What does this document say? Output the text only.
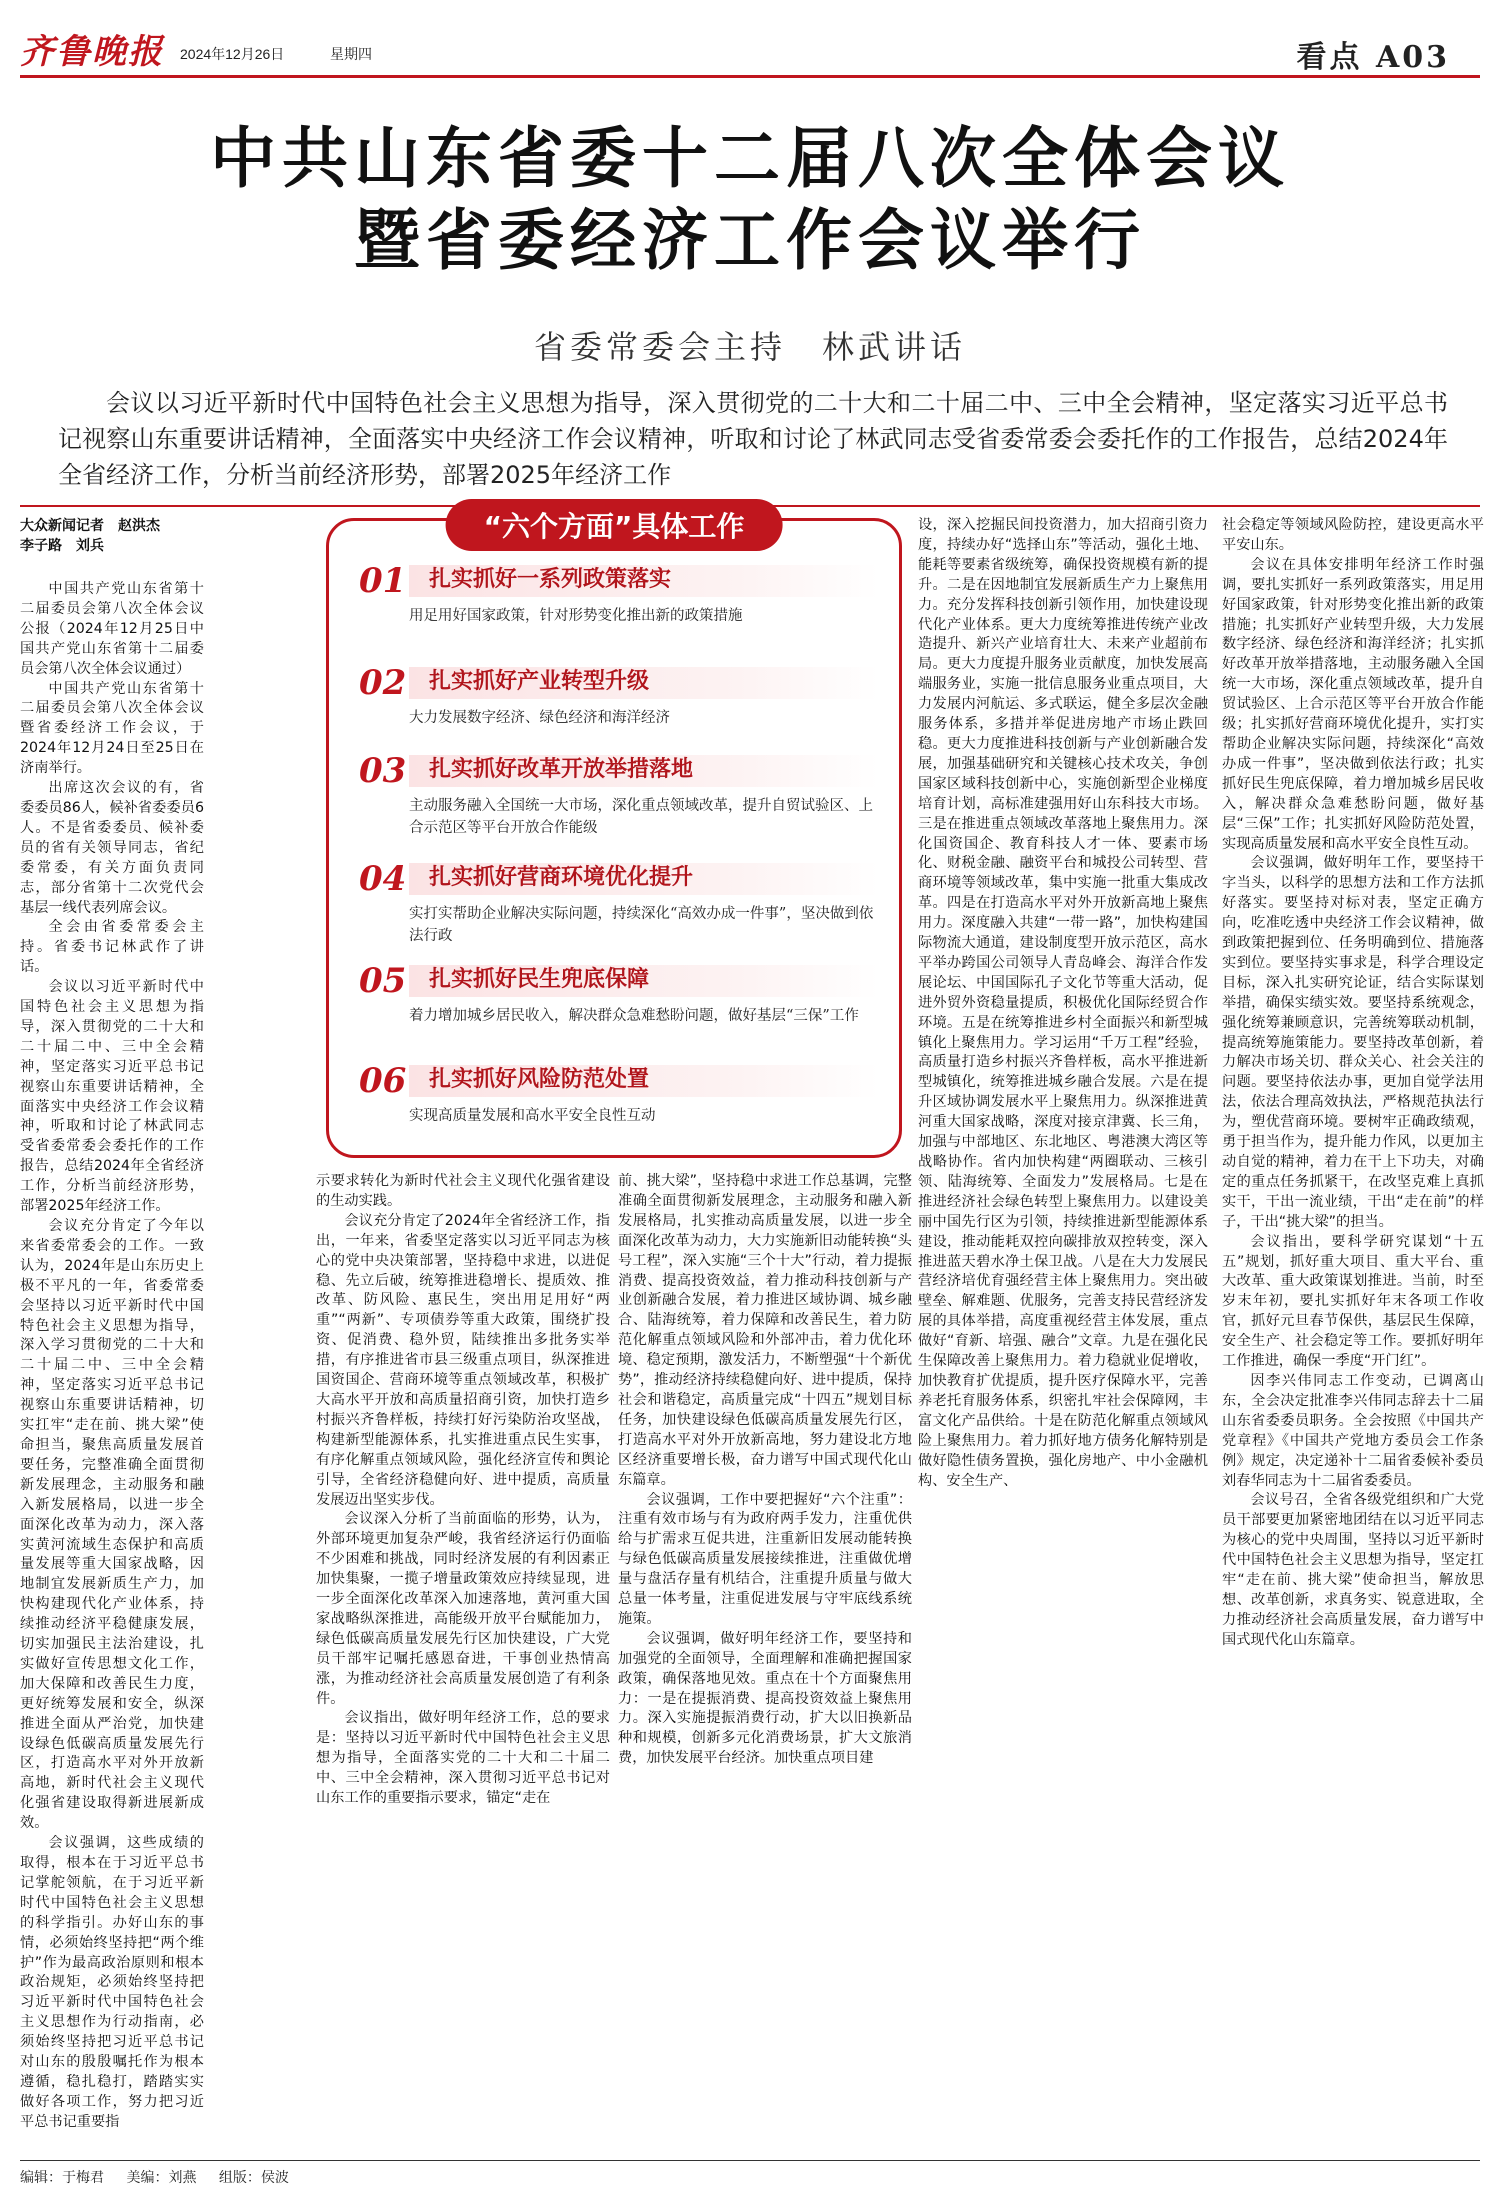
齐鲁晚报 2024年12月26日	星期四	看点 A03
中共山东省委十二届八次全体会议
暨省委经济工作会议举行
省委常委会主持　林武讲话
会议以习近平新时代中国特色社会主义思想为指导，深入贯彻党的二十大和二十届二中、三中全会精神，坚定落实习近平总书记视察山东重要讲话精神，全面落实中央经济工作会议精神，听取和讨论了林武同志受省委常委会委托作的工作报告，总结2024年全省经济工作，分析当前经济形势，部署2025年经济工作
大众新闻记者　赵洪杰
李子路　刘兵
“六个方面”具体工作
01 扎实抓好一系列政策落实
用足用好国家政策，针对形势变化推出新的政策措施
02 扎实抓好产业转型升级
大力发展数字经济、绿色经济和海洋经济
03 扎实抓好改革开放举措落地
主动服务融入全国统一大市场，深化重点领域改革，提升自贸试验区、上合示范区等平台开放合作能级
04 扎实抓好营商环境优化提升
实打实帮助企业解决实际问题，持续深化“高效办成一件事”，坚决做到依法行政
05 扎实抓好民生兜底保障
着力增加城乡居民收入，解决群众急难愁盼问题，做好基层“三保”工作
06 扎实抓好风险防范处置
实现高质量发展和高水平安全良性互动

中国共产党山东省第十二届委员会第八次全体会议公报（2024年12月25日中国共产党山东省第十二届委员会第八次全体会议通过）

中国共产党山东省第十二届委员会第八次全体会议暨省委经济工作会议，于2024年12月24日至25日在济南举行。

出席这次会议的有，省委委员86人，候补省委委员6人。不是省委委员、候补委员的省有关领导同志，省纪委常委，有关方面负责同志，部分省第十二次党代会基层一线代表列席会议。

全会由省委常委会主持。省委书记林武作了讲话。

会议以习近平新时代中国特色社会主义思想为指导，深入贯彻党的二十大和二十届二中、三中全会精神，坚定落实习近平总书记视察山东重要讲话精神，全面落实中央经济工作会议精神，听取和讨论了林武同志受省委常委会委托作的工作报告，总结2024年全省经济工作，分析当前经济形势，部署2025年经济工作。

会议充分肯定了今年以来省委常委会的工作。一致认为，2024年是山东历史上极不平凡的一年，省委常委会坚持以习近平新时代中国特色社会主义思想为指导，深入学习贯彻党的二十大和二十届二中、三中全会精神，坚定落实习近平总书记视察山东重要讲话精神，切实扛牢“走在前、挑大梁”使命担当，聚焦高质量发展首要任务，完整准确全面贯彻新发展理念，主动服务和融入新发展格局，以进一步全面深化改革为动力，深入落实黄河流域生态保护和高质量发展等重大国家战略，因地制宜发展新质生产力，加快构建现代化产业体系，持续推动经济平稳健康发展，切实加强民主法治建设，扎实做好宣传思想文化工作，加大保障和改善民生力度，更好统筹发展和安全，纵深推进全面从严治党，加快建设绿色低碳高质量发展先行区，打造高水平对外开放新高地，新时代社会主义现代化强省建设取得新进展新成效。

会议强调，这些成绩的取得，根本在于习近平总书记掌舵领航，在于习近平新时代中国特色社会主义思想的科学指引。办好山东的事情，必须始终坚持把“两个维护”作为最高政治原则和根本政治规矩，必须始终坚持把习近平新时代中国特色社会主义思想作为行动指南，必须始终坚持把习近平总书记对山东的殷殷嘱托作为根本遵循，稳扎稳打，踏踏实实做好各项工作，努力把习近平总书记重要指

示要求转化为新时代社会主义现代化强省建设的生动实践。

会议充分肯定了2024年全省经济工作，指出，一年来，省委坚定落实以习近平同志为核心的党中央决策部署，坚持稳中求进，以进促稳、先立后破，统筹推进稳增长、提质效、推改革、防风险、惠民生，突出用足用好“两重”“两新”、专项债券等重大政策，围绕扩投资、促消费、稳外贸，陆续推出多批务实举措，有序推进省市县三级重点项目，纵深推进国资国企、营商环境等重点领域改革，积极扩大高水平开放和高质量招商引资，加快打造乡村振兴齐鲁样板，持续打好污染防治攻坚战，构建新型能源体系，扎实推进重点民生实事，有序化解重点领域风险，强化经济宣传和舆论引导，全省经济稳健向好、进中提质，高质量发展迈出坚实步伐。

会议深入分析了当前面临的形势，认为，外部环境更加复杂严峻，我省经济运行仍面临不少困难和挑战，同时经济发展的有利因素正加快集聚，一揽子增量政策效应持续显现，进一步全面深化改革深入加速落地，黄河重大国家战略纵深推进，高能级开放平台赋能加力，绿色低碳高质量发展先行区加快建设，广大党员干部牢记嘱托感恩奋进，干事创业热情高涨，为推动经济社会高质量发展创造了有利条件。

会议指出，做好明年经济工作，总的要求是：坚持以习近平新时代中国特色社会主义思想为指导，全面落实党的二十大和二十届二中、三中全会精神，深入贯彻习近平总书记对山东工作的重要指示要求，锚定“走在

前、挑大梁”，坚持稳中求进工作总基调，完整准确全面贯彻新发展理念，主动服务和融入新发展格局，扎实推动高质量发展，以进一步全面深化改革为动力，大力实施新旧动能转换“头号工程”，深入实施“三个十大”行动，着力提振消费、提高投资效益，着力推动科技创新与产业创新融合发展，着力推进区域协调、城乡融合、陆海统筹，着力保障和改善民生，着力防范化解重点领域风险和外部冲击，着力优化环境、稳定预期，激发活力，不断塑强“十个新优势”，推动经济持续稳健向好、进中提质，保持社会和谐稳定，高质量完成“十四五”规划目标任务，加快建设绿色低碳高质量发展先行区，打造高水平对外开放新高地，努力建设北方地区经济重要增长极，奋力谱写中国式现代化山东篇章。

会议强调，工作中要把握好“六个注重”：注重有效市场与有为政府两手发力，注重优供给与扩需求互促共进，注重新旧发展动能转换与绿色低碳高质量发展接续推进，注重做优增量与盘活存量有机结合，注重提升质量与做大总量一体考量，注重促进发展与守牢底线系统施策。

会议强调，做好明年经济工作，要坚持和加强党的全面领导，全面理解和准确把握国家政策，确保落地见效。重点在十个方面聚焦用力：一是在提振消费、提高投资效益上聚焦用力。深入实施提振消费行动，扩大以旧换新品种和规模，创新多元化消费场景，扩大文旅消费，加快发展平台经济。加快重点项目建

设，深入挖掘民间投资潜力，加大招商引资力度，持续办好“选择山东”等活动，强化土地、能耗等要素省级统筹，确保投资规模有新的提升。二是在因地制宜发展新质生产力上聚焦用力。充分发挥科技创新引领作用，加快建设现代化产业体系。更大力度统筹推进传统产业改造提升、新兴产业培育壮大、未来产业超前布局。更大力度提升服务业贡献度，加快发展高端服务业，实施一批信息服务业重点项目，大力发展内河航运、多式联运，健全多层次金融服务体系，多措并举促进房地产市场止跌回稳。更大力度推进科技创新与产业创新融合发展，加强基础研究和关键核心技术攻关，争创国家区域科技创新中心，实施创新型企业梯度培育计划，高标准建强用好山东科技大市场。三是在推进重点领域改革落地上聚焦用力。深化国资国企、教育科技人才一体、要素市场化、财税金融、融资平台和城投公司转型、营商环境等领域改革，集中实施一批重大集成改革。四是在打造高水平对外开放新高地上聚焦用力。深度融入共建“一带一路”，加快构建国际物流大通道，建设制度型开放示范区，高水平举办跨国公司领导人青岛峰会、海洋合作发展论坛、中国国际孔子文化节等重大活动，促进外贸外资稳量提质，积极优化国际经贸合作环境。五是在统筹推进乡村全面振兴和新型城镇化上聚焦用力。学习运用“千万工程”经验，高质量打造乡村振兴齐鲁样板，高水平推进新型城镇化，统筹推进城乡融合发展。六是在提升区域协调发展水平上聚焦用力。纵深推进黄河重大国家战略，深度对接京津冀、长三角，加强与中部地区、东北地区、粤港澳大湾区等战略协作。省内加快构建“两圈联动、三核引领、陆海统筹、全面发力”发展格局。七是在推进经济社会绿色转型上聚焦用力。以建设美丽中国先行区为引领，持续推进新型能源体系建设，推动能耗双控向碳排放双控转变，深入推进蓝天碧水净土保卫战。八是在大力发展民营经济培优育强经营主体上聚焦用力。突出破壁垒、解难题、优服务，完善支持民营经济发展的具体举措，高度重视经营主体发展，重点做好“育新、培强、融合”文章。九是在强化民生保障改善上聚焦用力。着力稳就业促增收，加快教育扩优提质，提升医疗保障水平，完善养老托育服务体系，织密扎牢社会保障网，丰富文化产品供给。十是在防范化解重点领域风险上聚焦用力。着力抓好地方债务化解特别是做好隐性债务置换，强化房地产、中小金融机构、安全生产、

社会稳定等领域风险防控，建设更高水平平安山东。

会议在具体安排明年经济工作时强调，要扎实抓好一系列政策落实，用足用好国家政策，针对形势变化推出新的政策措施；扎实抓好产业转型升级，大力发展数字经济、绿色经济和海洋经济；扎实抓好改革开放举措落地，主动服务融入全国统一大市场，深化重点领域改革，提升自贸试验区、上合示范区等平台开放合作能级；扎实抓好营商环境优化提升，实打实帮助企业解决实际问题，持续深化“高效办成一件事”，坚决做到依法行政；扎实抓好民生兜底保障，着力增加城乡居民收入，解决群众急难愁盼问题，做好基层“三保”工作；扎实抓好风险防范处置，实现高质量发展和高水平安全良性互动。

会议强调，做好明年工作，要坚持干字当头，以科学的思想方法和工作方法抓好落实。要坚持对标对表，坚定正确方向，吃准吃透中央经济工作会议精神，做到政策把握到位、任务明确到位、措施落实到位。要坚持实事求是，科学合理设定目标，深入扎实研究论证，结合实际谋划举措，确保实绩实效。要坚持系统观念，强化统筹兼顾意识，完善统筹联动机制，提高统筹施策能力。要坚持改革创新，着力解决市场关切、群众关心、社会关注的问题。要坚持依法办事，更加自觉学法用法，依法合理高效执法，严格规范执法行为，塑优营商环境。要树牢正确政绩观，勇于担当作为，提升能力作风，以更加主动自觉的精神，着力在干上下功夫，对确定的重点任务抓紧干，在改坚克难上真抓实干，干出一流业绩，干出“走在前”的样子，干出“挑大梁”的担当。

会议指出，要科学研究谋划“十五五”规划，抓好重大项目、重大平台、重大改革、重大政策谋划推进。当前，时至岁末年初，要扎实抓好年末各项工作收官，抓好元旦春节保供，基层民生保障，安全生产、社会稳定等工作。要抓好明年工作推进，确保一季度“开门红”。

因李兴伟同志工作变动，已调离山东，全会决定批准李兴伟同志辞去十二届山东省委委员职务。全会按照《中国共产党章程》《中国共产党地方委员会工作条例》规定，决定递补十二届省委候补委员刘春华同志为十二届省委委员。

会议号召，全省各级党组织和广大党员干部要更加紧密地团结在以习近平同志为核心的党中央周围，坚持以习近平新时代中国特色社会主义思想为指导，坚定扛牢“走在前、挑大梁”使命担当，解放思想、改革创新，求真务实、锐意进取，全力推动经济社会高质量发展，奋力谱写中国式现代化山东篇章。

编辑：于梅君 美编：刘燕 组版：侯波
